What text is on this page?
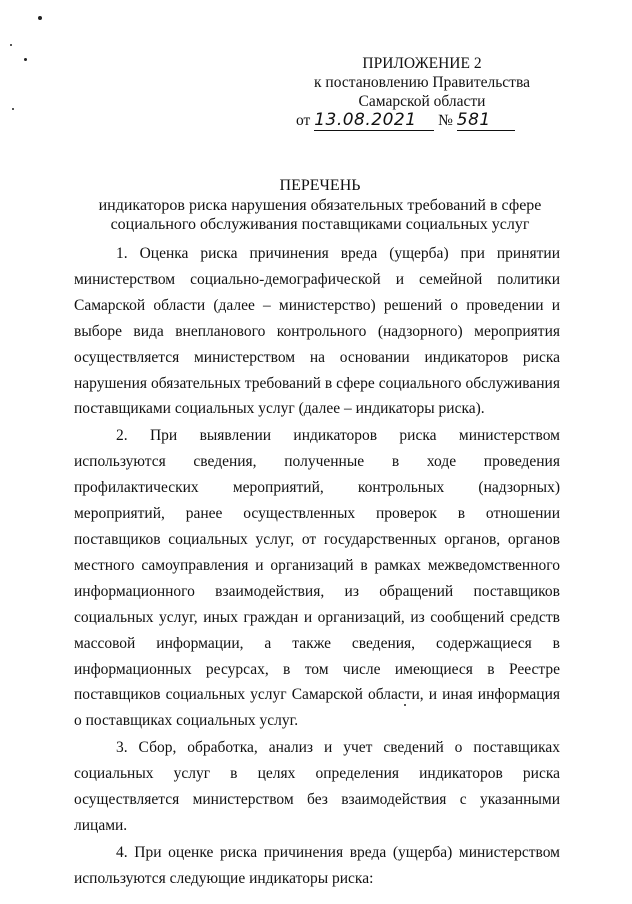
ПРИЛОЖЕНИЕ 2
к постановлению Правительства
Самарской области
от 13.08.2021 № 581
ПЕРЕЧЕНЬ
индикаторов риска нарушения обязательных требований в сфере
социального обслуживания поставщиками социальных услуг

1. Оценка риска причинения вреда (ущерба) при принятии министерством социально-демографической и семейной политики Самарской области (далее – министерство) решений о проведении и выборе вида внепланового контрольного (надзорного) мероприятия осуществляется министерством на основании индикаторов риска нарушения обязательных требований в сфере социального обслуживания поставщиками социальных услуг (далее – индикаторы риска).

2. При выявлении индикаторов риска министерством используются сведения, полученные в ходе проведения профилактических мероприятий, контрольных (надзорных) мероприятий, ранее осуществленных проверок в отношении поставщиков социальных услуг, от государственных органов, органов местного самоуправления и организаций в рамках межведомственного информационного взаимодействия, из обращений поставщиков социальных услуг, иных граждан и организаций, из сообщений средств массовой информации, а также сведения, содержащиеся в информационных ресурсах, в том числе имеющиеся в Реестре поставщиков социальных услуг Самарской области, и иная информация о поставщиках социальных услуг.

3. Сбор, обработка, анализ и учет сведений о поставщиках социальных услуг в целях определения индикаторов риска осуществляется министерством без взаимодействия с указанными лицами.

4. При оценке риска причинения вреда (ущерба) министерством используются следующие индикаторы риска:
